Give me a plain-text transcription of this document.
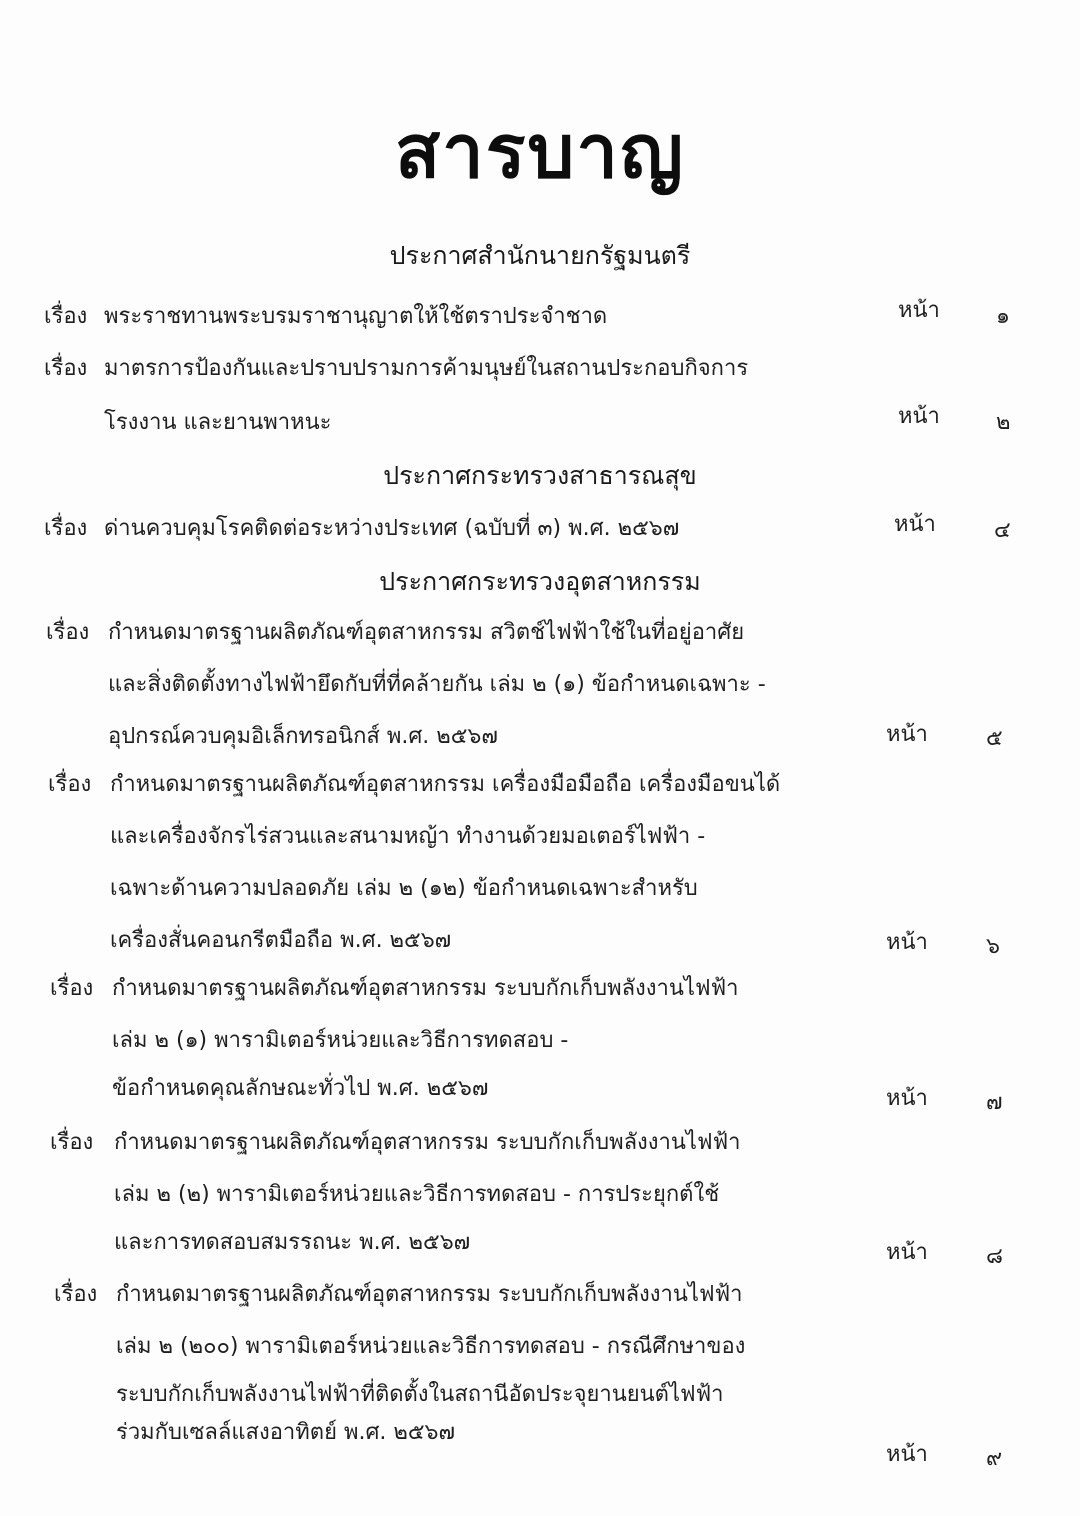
สารบาญ
ประกาศสำนักนายกรัฐมนตรี
เรื่อง พระราชทานพระบรมราชานุญาตให้ใช้ตราประจำชาด	หน้า	๑
เรื่อง มาตรการป้องกันและปราบปรามการค้ามนุษย์ในสถานประกอบกิจการ
โรงงาน และยานพาหนะ	หน้า	๒
ประกาศกระทรวงสาธารณสุข
เรื่อง ด่านควบคุมโรคติดต่อระหว่างประเทศ (ฉบับที่ ๓) พ.ศ. ๒๕๖๗	หน้า	๔
ประกาศกระทรวงอุตสาหกรรม
เรื่อง กำหนดมาตรฐานผลิตภัณฑ์อุตสาหกรรม สวิตช์ไฟฟ้าใช้ในที่อยู่อาศัย
และสิ่งติดตั้งทางไฟฟ้ายึดกับที่ที่คล้ายกัน เล่ม ๒ (๑) ข้อกำหนดเฉพาะ -
อุปกรณ์ควบคุมอิเล็กทรอนิกส์ พ.ศ. ๒๕๖๗	หน้า	๕
เรื่อง กำหนดมาตรฐานผลิตภัณฑ์อุตสาหกรรม เครื่องมือมือถือ เครื่องมือขนได้
และเครื่องจักรไร่สวนและสนามหญ้า ทำงานด้วยมอเตอร์ไฟฟ้า -
เฉพาะด้านความปลอดภัย เล่ม ๒ (๑๒) ข้อกำหนดเฉพาะสำหรับ
เครื่องสั่นคอนกรีตมือถือ พ.ศ. ๒๕๖๗	หน้า	๖
เรื่อง กำหนดมาตรฐานผลิตภัณฑ์อุตสาหกรรม ระบบกักเก็บพลังงานไฟฟ้า
เล่ม ๒ (๑) พารามิเตอร์หน่วยและวิธีการทดสอบ -
ข้อกำหนดคุณลักษณะทั่วไป พ.ศ. ๒๕๖๗	หน้า	๗
เรื่อง กำหนดมาตรฐานผลิตภัณฑ์อุตสาหกรรม ระบบกักเก็บพลังงานไฟฟ้า
เล่ม ๒ (๒) พารามิเตอร์หน่วยและวิธีการทดสอบ - การประยุกต์ใช้
และการทดสอบสมรรถนะ พ.ศ. ๒๕๖๗	หน้า	๘
เรื่อง กำหนดมาตรฐานผลิตภัณฑ์อุตสาหกรรม ระบบกักเก็บพลังงานไฟฟ้า
เล่ม ๒ (๒๐๐) พารามิเตอร์หน่วยและวิธีการทดสอบ - กรณีศึกษาของ
ระบบกักเก็บพลังงานไฟฟ้าที่ติดตั้งในสถานีอัดประจุยานยนต์ไฟฟ้า
ร่วมกับเซลล์แสงอาทิตย์ พ.ศ. ๒๕๖๗
หน้า	๙
